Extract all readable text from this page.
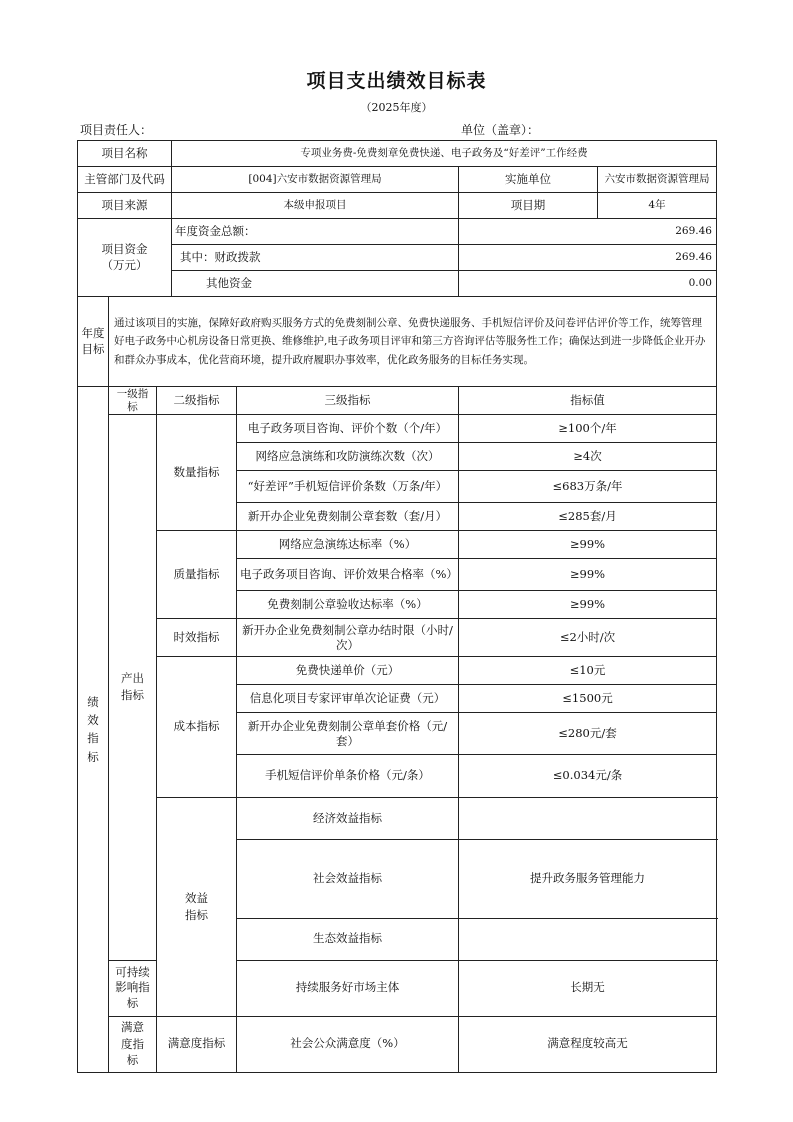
项目支出绩效目标表
（2025年度）
项目责任人：	单位（盖章）：
项目名称			专项业务费-免费刻章免费快递、电子政务及“好差评”工作经费				
主管部门及代码			[004]六安市数据资源管理局		实施单位	六安市数据资源管理局	
项目来源			本级申报项目		项目期	4年	

项目资金
（万元）			年度资金总额：		269.46		
			其中：财政拨款		269.46		
			其他资金		0.00		

年度
目标	通过该项目的实施，保障好政府购买服务方式的免费刻制公章、免费快递服务、手机短信评价及问卷评估评价等工作，统筹管理好电子政务中心机房设备日常更换、维修维护,电子政务项目评审和第三方咨询评估等服务性工作；确保达到进一步降低企业开办和群众办事成本，优化营商环境，提升政府履职办事效率，优化政务服务的目标任务实现。						

绩
效
指
标	一级指标	二级指标		三级指标	指标值		

	产出指标	数量指标		电子政务项目咨询、评价个数（个/年）	≥100个/年		
				网络应急演练和攻防演练次数（次）	≥4次		
				“好差评”手机短信评价条数（万条/年）	≤683万条/年		
				新开办企业免费刻制公章套数（套/月）	≤285套/月		
		质量指标		网络应急演练达标率（%）	≥99%		
				电子政务项目咨询、评价效果合格率（%）	≥99%		
				免费刻制公章验收达标率（%）	≥99%		
		时效指标		新开办企业免费刻制公章办结时限（小时/次）	≤2小时/次		
		成本指标		免费快递单价（元）	≤10元		
				信息化项目专家评审单次论证费（元）	≤1500元		
				新开办企业免费刻制公章单套价格（元/套）	≤280元/套		
				手机短信评价单条价格（元/条）	≤0.034元/条		

		效益指标		经济效益指标			
				社会效益指标	提升政务服务管理能力	
				生态效益指标			
	可持续影响指标			持续服务好市场主体	长期无		

	满意度指标	满意度指标		社会公众满意度（%）	满意程度较高无		
